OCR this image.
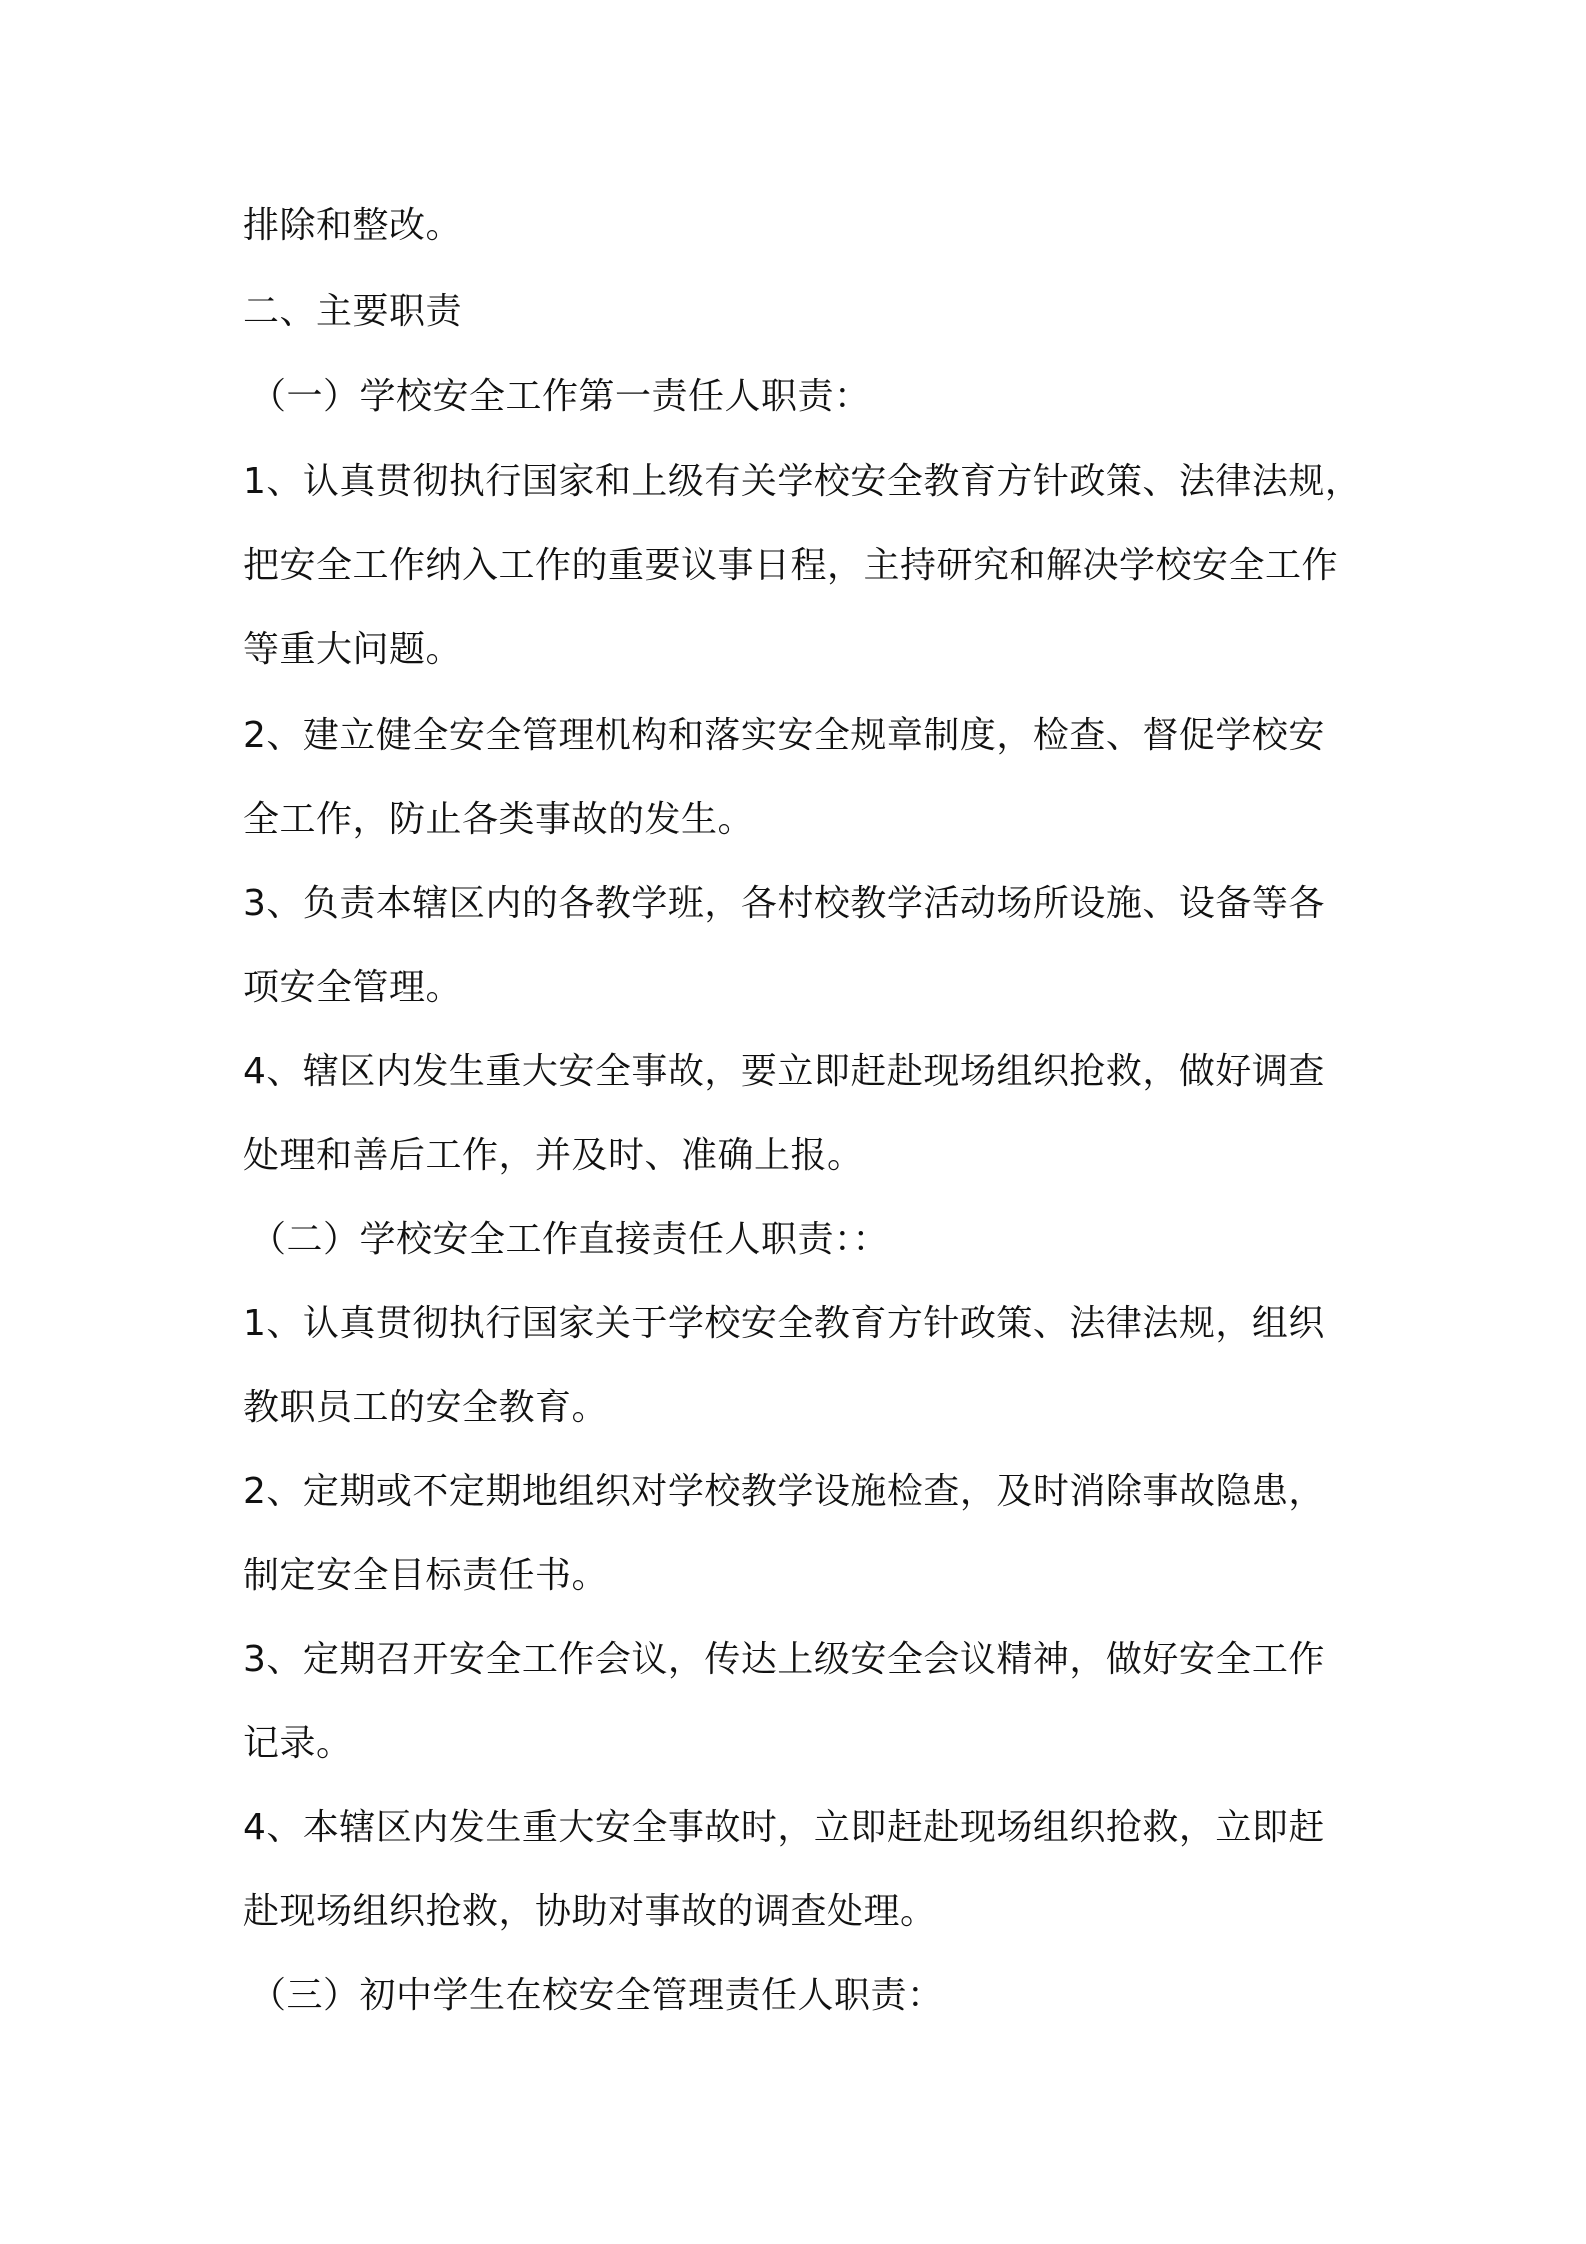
排除和整改。
二、主要职责
（一）学校安全工作第一责任人职责：
1、认真贯彻执行国家和上级有关学校安全教育方针政策、法律法规，
把安全工作纳入工作的重要议事日程，主持研究和解决学校安全工作
等重大问题。
2、建立健全安全管理机构和落实安全规章制度，检查、督促学校安
全工作，防止各类事故的发生。
3、负责本辖区内的各教学班，各村校教学活动场所设施、设备等各
项安全管理。
4、辖区内发生重大安全事故，要立即赶赴现场组织抢救，做好调查
处理和善后工作，并及时、准确上报。
（二）学校安全工作直接责任人职责：：
1、认真贯彻执行国家关于学校安全教育方针政策、法律法规，组织
教职员工的安全教育。
2、定期或不定期地组织对学校教学设施检查，及时消除事故隐患，
制定安全目标责任书。
3、定期召开安全工作会议，传达上级安全会议精神，做好安全工作
记录。
4、本辖区内发生重大安全事故时，立即赶赴现场组织抢救，立即赶
赴现场组织抢救，协助对事故的调查处理。
（三）初中学生在校安全管理责任人职责：
